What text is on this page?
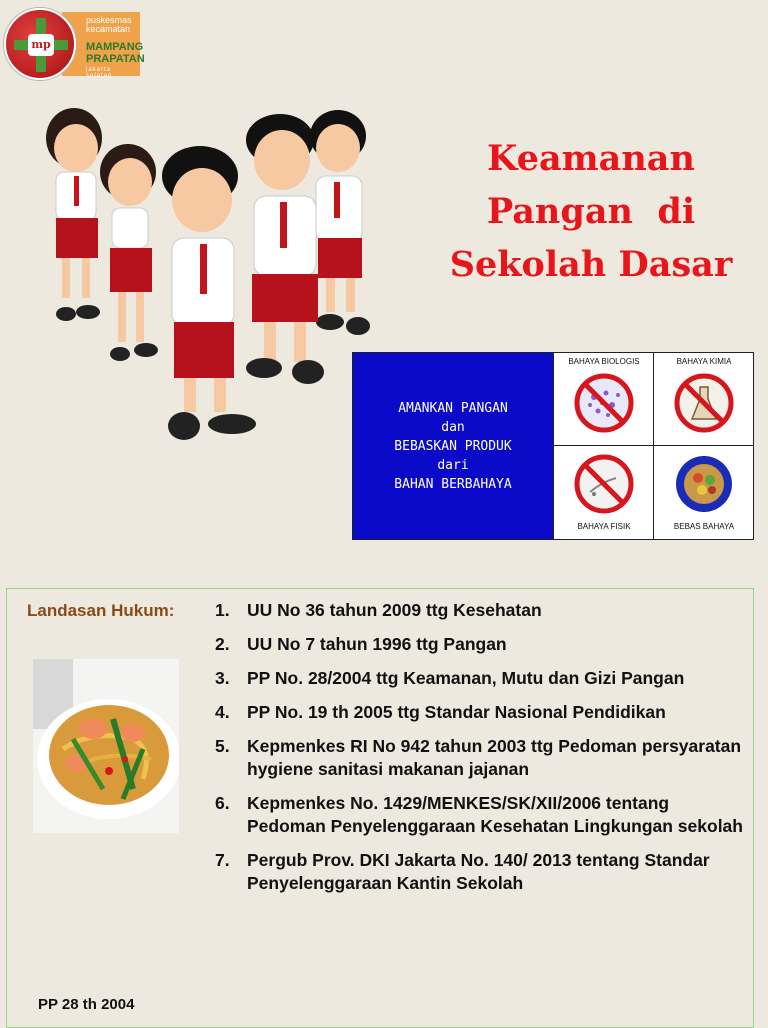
puskesmas
kecamatan
MAMPANG
PRAPATAN
jakarta selatan
mp
Keamanan
Pangan  di
Sekolah Dasar
AMANKAN PANGAN
dan
BEBASKAN PRODUK
dari
BAHAN BERBAHAYA
BAHAYA BIOLOGIS	BAHAYA KIMIA
BAHAYA FISIK	BEBAS BAHAYA
Landasan Hukum: 1. UU No 36 tahun 2009 ttg Kesehatan
2. UU No 7 tahun 1996 ttg Pangan
3. PP No. 28/2004 ttg Keamanan, Mutu dan Gizi Pangan
4. PP No. 19 th 2005 ttg Standar Nasional Pendidikan
5. Kepmenkes RI No 942 tahun 2003 ttg Pedoman persyaratan hygiene sanitasi makanan jajanan
6. Kepmenkes No. 1429/MENKES/SK/XII/2006 tentang Pedoman Penyelenggaraan Kesehatan Lingkungan sekolah
7. Pergub Prov. DKI Jakarta No. 140/ 2013 tentang Standar Penyelenggaraan Kantin Sekolah
PP 28 th 2004
